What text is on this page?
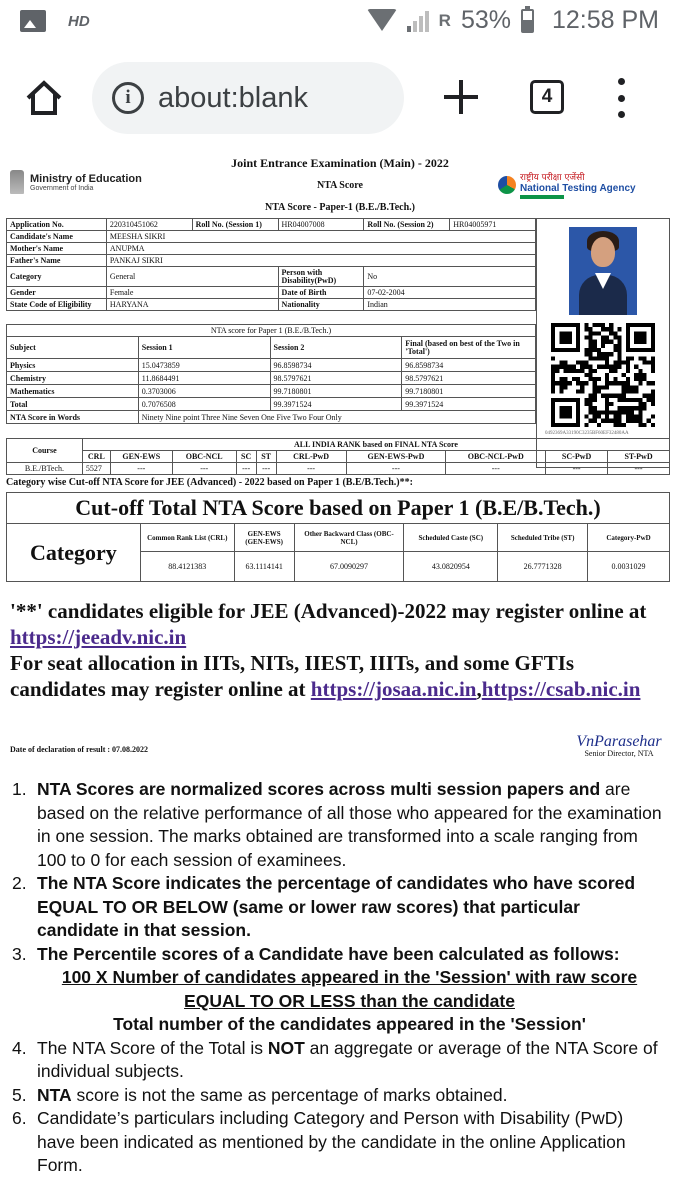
HD	R 53% 12:58 PM
i about:blank	4
Ministry of Education
Government of India
Joint Entrance Examination (Main) - 2022
NTA Score
NTA Score - Paper-1 (B.E./B.Tech.)
राष्ट्रीय परीक्षा एजेंसी
National Testing Agency
Application No.	220310451062	Roll No. (Session 1)	HR04007008	Roll No. (Session 2)	HR04005971
Candidate's Name	MEESHA SIKRI				
Mother's Name	ANUPMA				
Father's Name	PANKAJ SIKRI				
Category	General		Person with Disability(PwD)	No	
Gender	Female		Date of Birth	07-02-2004	
State Code of Eligibility	HARYANA		Nationality	Indian	
0492369A33190C3235BF60EF32480AA
NTA score for Paper 1 (B.E./B.Tech.)
Subject	Session 1	Session 2	Final (based on best of the Two in 'Total')
Physics	15.0473859	96.8598734	96.8598734
Chemistry	11.8684491	98.5797621	98.5797621
Mathematics	0.3703006	99.7180801	99.7180801
Total	0.7076508	99.3971524	99.3971524
NTA Score in Words	Ninety Nine point Three Nine Seven One Five Two Four Only		
Course	ALL INDIA RANK based on FINAL NTA Score									
	CRL	GEN-EWS	OBC-NCL	SC	ST	CRL-PwD	GEN-EWS-PwD	OBC-NCL-PwD	SC-PwD	ST-PwD
B.E./BTech.	5527	---	---	---	---	---	---	---	---	---
Category wise Cut-off NTA Score for JEE (Advanced) - 2022 based on Paper 1 (B.E/B.Tech.)**:
Cut-off Total NTA Score based on Paper 1 (B.E/B.Tech.)						
Category	Common Rank List (CRL)	GEN-EWS (GEN-EWS)	Other Backward Class (OBC-NCL)	Scheduled Caste (SC)	Scheduled Tribe (ST)	Category-PwD
	88.4121383	63.1114141	67.0090297	43.0820954	26.7771328	0.0031029
'**' candidates eligible for JEE (Advanced)-2022 may register online at https://jeeadv.nic.in
For seat allocation in IITs, NITs, IIEST, IIITs, and some GFTIs candidates may register online at https://josaa.nic.in,https://csab.nic.in
Date of declaration of result : 07.08.2022	VnParasehar
Senior Director, NTA
1. NTA Scores are normalized scores across multi session papers and are based on the relative performance of all those who appeared for the examination in one session. The marks obtained are transformed into a scale ranging from 100 to 0 for each session of examinees.
2. The NTA Score indicates the percentage of candidates who have scored EQUAL TO OR BELOW (same or lower raw scores) that particular candidate in that session.
3. The Percentile scores of a Candidate have been calculated as follows:
100 X Number of candidates appeared in the 'Session' with raw score
EQUAL TO OR LESS than the candidate
Total number of the candidates appeared in the 'Session'
4. The NTA Score of the Total is NOT an aggregate or average of the NTA Score of individual subjects.
5. NTA score is not the same as percentage of marks obtained.
6. Candidate’s particulars including Category and Person with Disability (PwD) have been indicated as mentioned by the candidate in the online Application Form.
